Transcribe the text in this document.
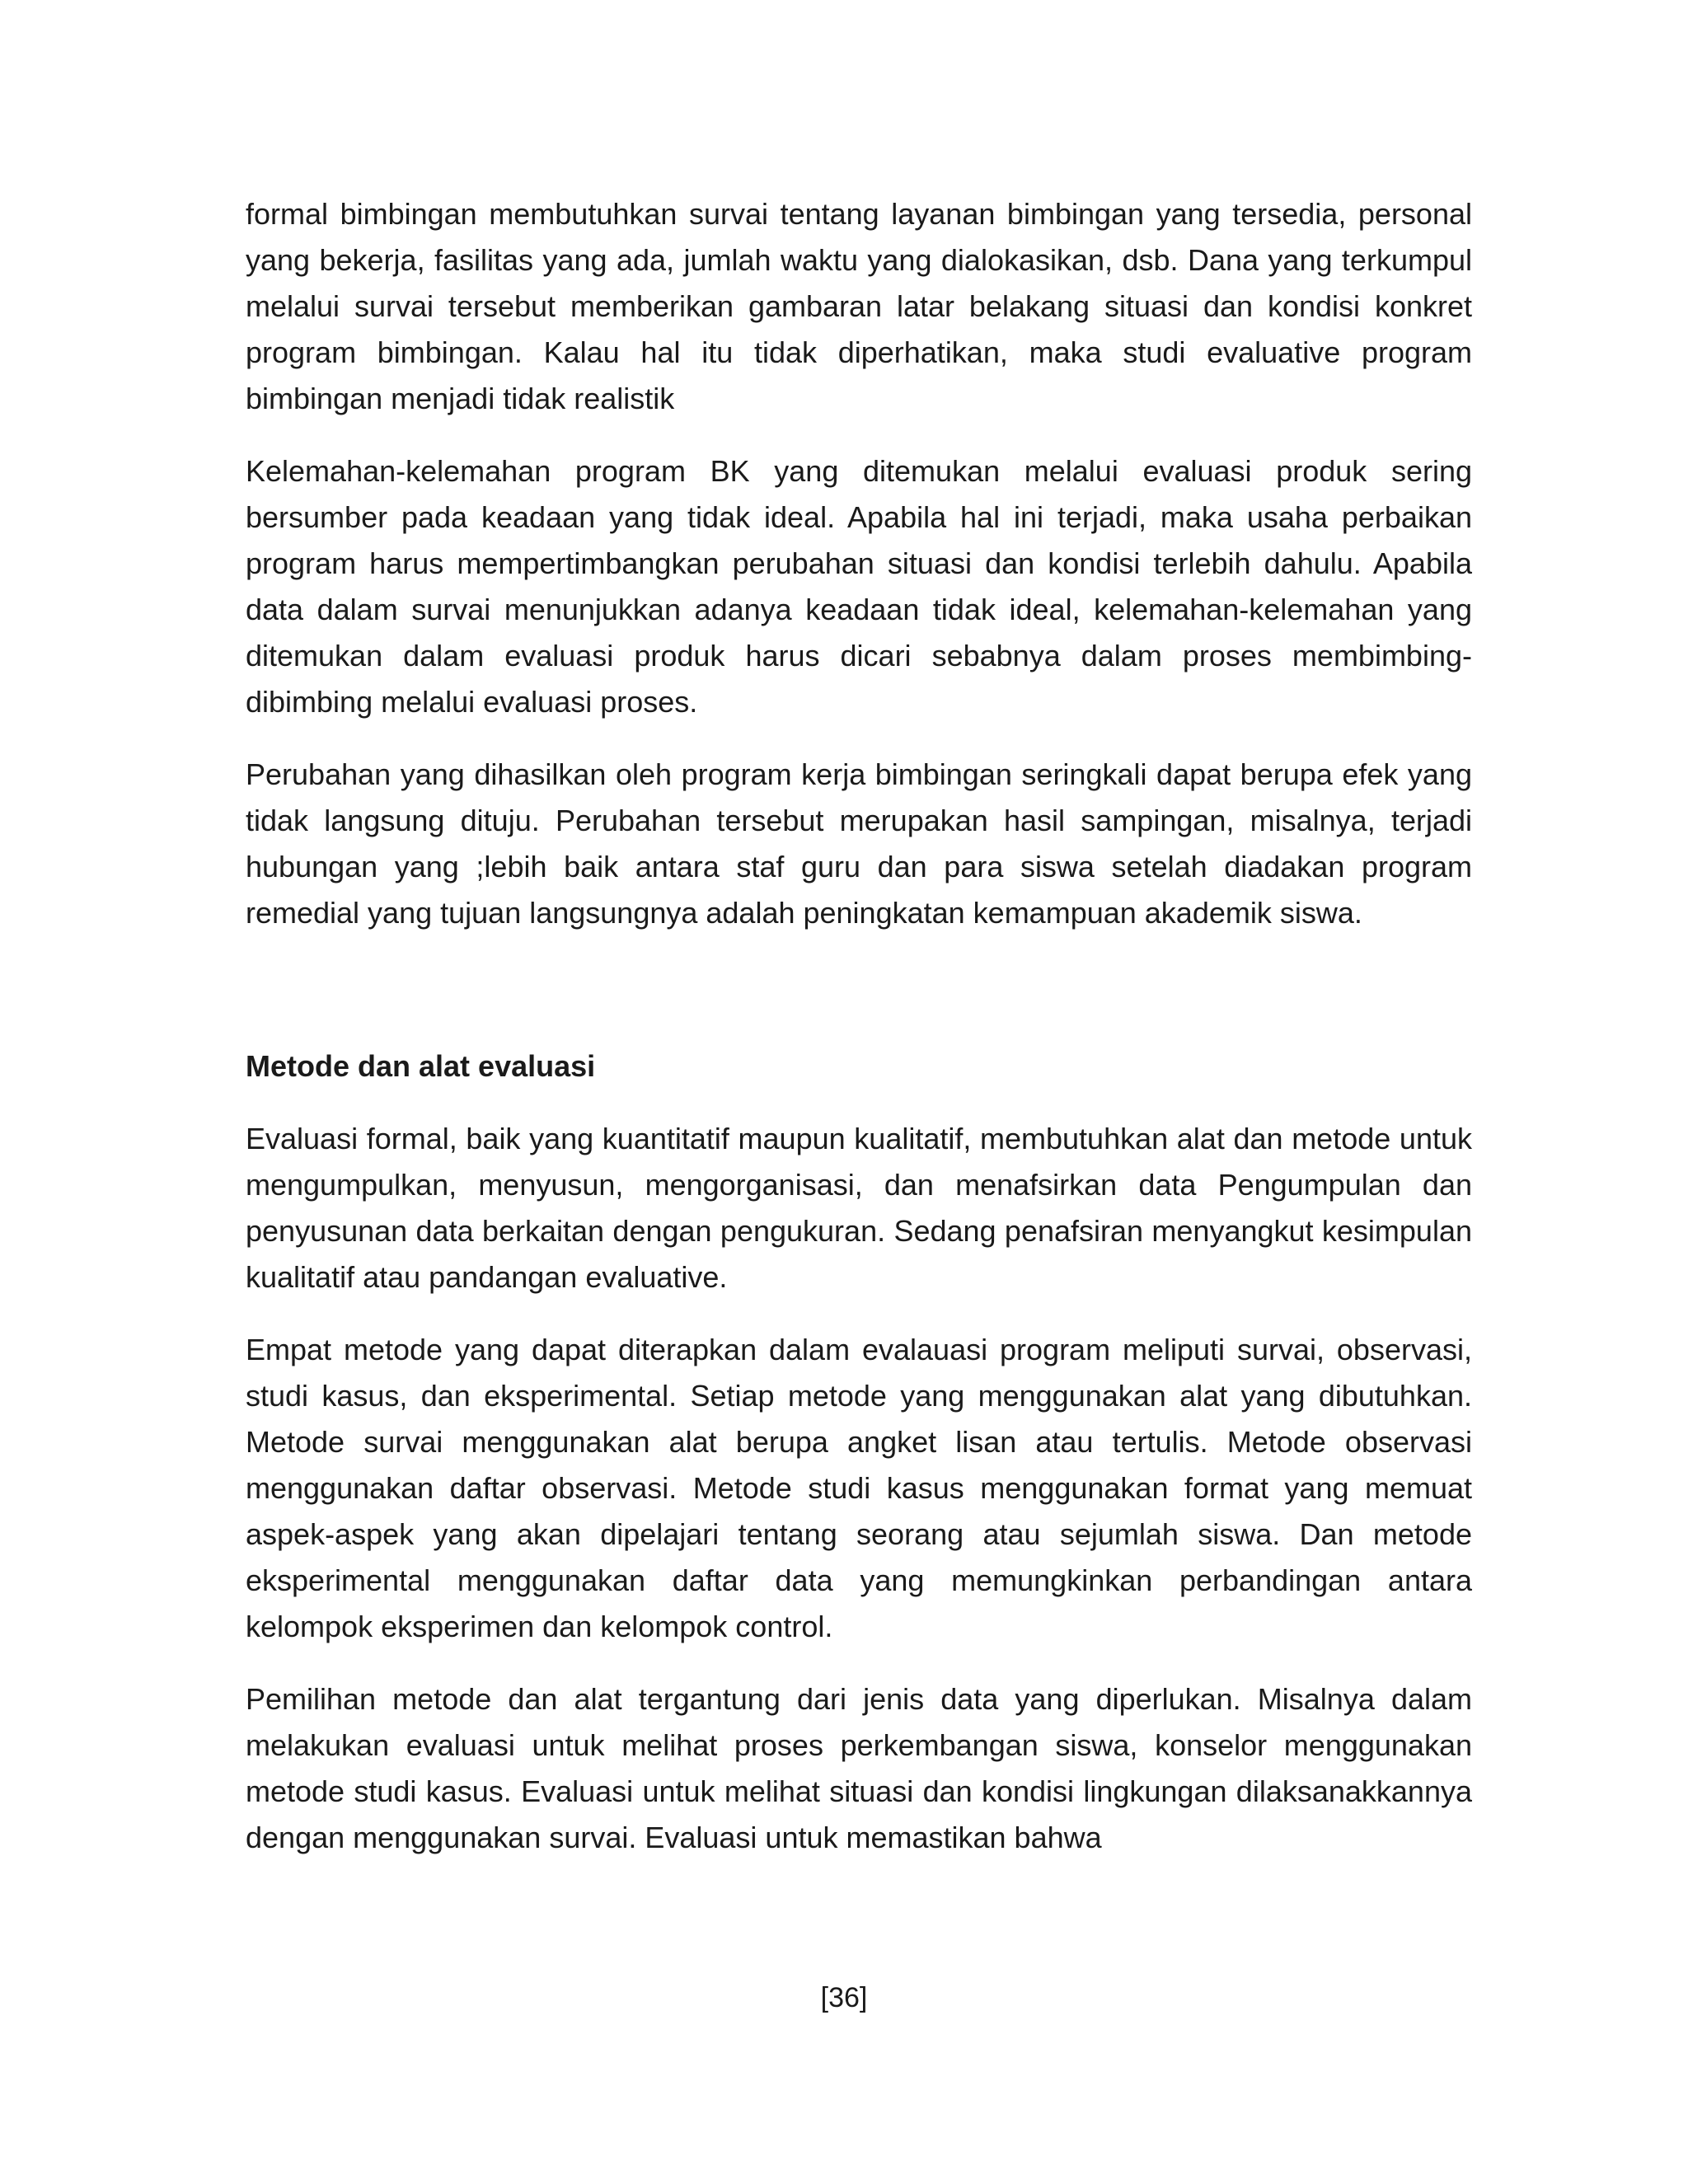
formal bimbingan membutuhkan survai tentang layanan bimbingan yang tersedia, personal yang bekerja, fasilitas yang ada, jumlah waktu yang dialokasikan, dsb. Dana yang terkumpul melalui survai tersebut memberikan gambaran latar belakang situasi dan kondisi konkret program bimbingan. Kalau hal itu tidak diperhatikan, maka studi evaluative program bimbingan menjadi tidak realistik

Kelemahan-kelemahan program BK yang ditemukan melalui evaluasi produk sering bersumber pada keadaan yang tidak ideal. Apabila hal ini terjadi, maka usaha perbaikan program harus mempertimbangkan perubahan situasi dan kondisi terlebih dahulu. Apabila data dalam survai menunjukkan adanya keadaan tidak ideal, kelemahan-kelemahan yang ditemukan dalam evaluasi produk harus dicari sebabnya dalam proses membimbing-dibimbing melalui evaluasi proses.

Perubahan yang dihasilkan oleh program kerja bimbingan seringkali dapat berupa efek yang tidak langsung dituju. Perubahan tersebut merupakan hasil sampingan, misalnya, terjadi hubungan yang ;lebih baik antara staf guru dan para siswa setelah diadakan program remedial yang tujuan langsungnya adalah peningkatan kemampuan akademik siswa.

Metode dan alat evaluasi

Evaluasi formal, baik yang kuantitatif maupun kualitatif, membutuhkan alat dan metode untuk mengumpulkan, menyusun, mengorganisasi, dan menafsirkan data Pengumpulan dan penyusunan data berkaitan dengan pengukuran. Sedang penafsiran menyangkut kesimpulan kualitatif atau pandangan evaluative.

Empat metode yang dapat diterapkan dalam evalauasi program meliputi survai, observasi, studi kasus, dan eksperimental. Setiap metode yang menggunakan alat yang dibutuhkan. Metode survai menggunakan alat berupa angket lisan atau tertulis. Metode observasi menggunakan daftar observasi. Metode studi kasus menggunakan format yang memuat aspek-aspek yang akan dipelajari tentang seorang atau sejumlah siswa. Dan metode eksperimental menggunakan daftar data yang memungkinkan perbandingan antara kelompok eksperimen dan kelompok control.

Pemilihan metode dan alat tergantung dari jenis data yang diperlukan. Misalnya dalam melakukan evaluasi untuk melihat proses perkembangan siswa, konselor menggunakan metode studi kasus. Evaluasi untuk melihat situasi dan kondisi lingkungan dilaksanakkannya dengan menggunakan survai. Evaluasi untuk memastikan bahwa

[36]
